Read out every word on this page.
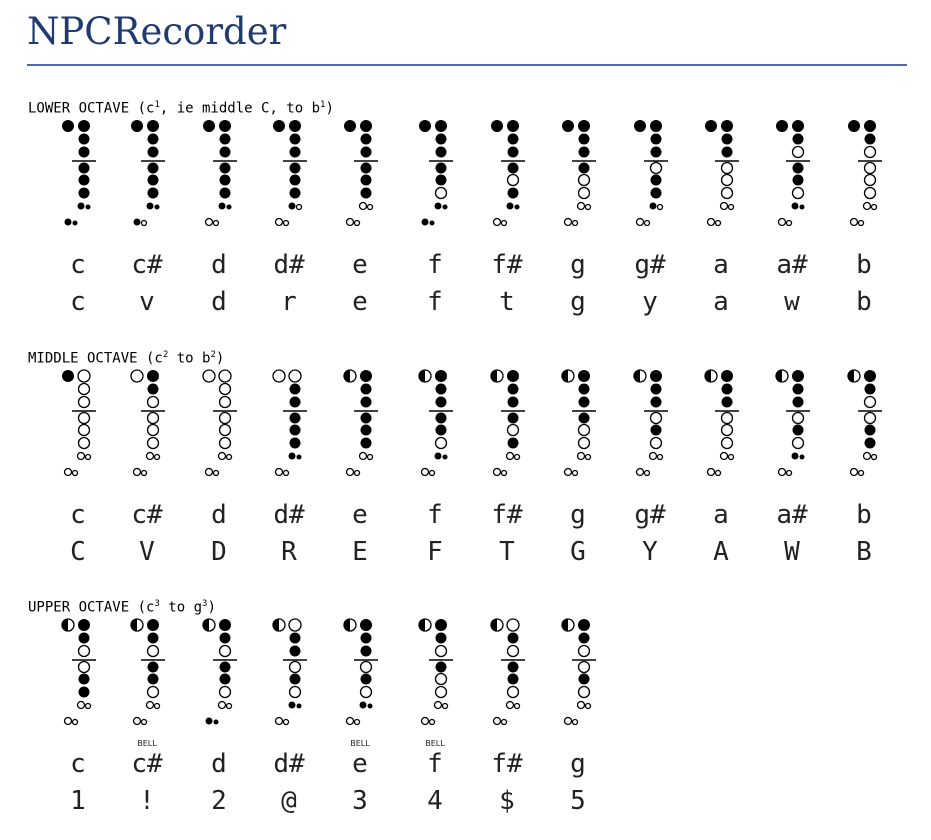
NPCRecorder
LOWER OCTAVE ($c^1$, ie middle C, to $b^1$)
c
c
c#
v
d
d
d#
r
e
e
f
f
f#
t
g
g
g#
y
a
a
a#
w
b
b
MIDDLE OCTAVE ($c^2$ to $b^2$)
c
C
c#
V
d
D
d#
R
e
E
f
F
f#
T
g
G
g#
Y
a
A
a#
W
b
B
UPPER OCTAVE ($c^3$ to $g^3$)
c
1
BELL
c#
!
d
2
d#
@
BELL
e
3
BELL
f
4
f#
$
g
5
